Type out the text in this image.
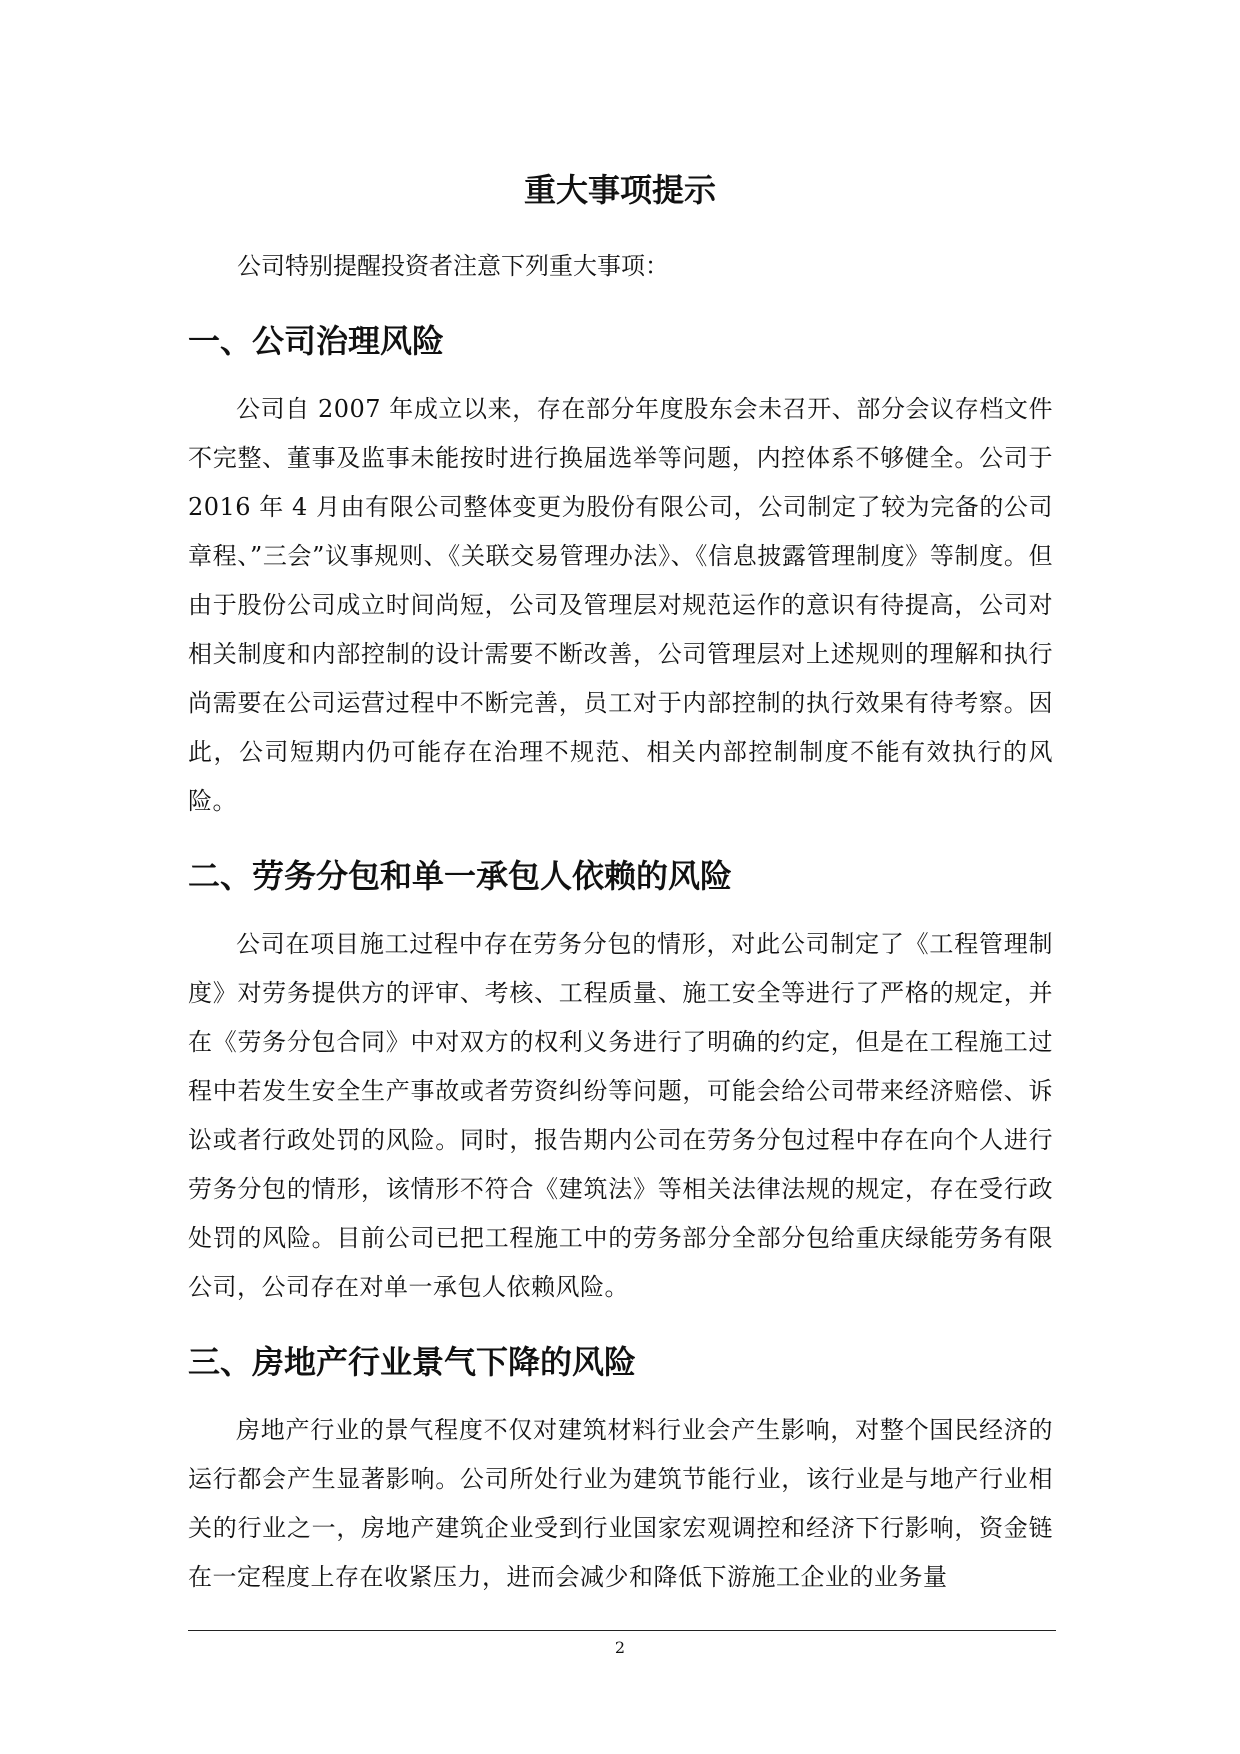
重大事项提示

公司特别提醒投资者注意下列重大事项：

一、公司治理风险

公司自 2007 年成立以来，存在部分年度股东会未召开、部分会议存档文件不完整、董事及监事未能按时进行换届选举等问题，内控体系不够健全。公司于 2016 年 4 月由有限公司整体变更为股份有限公司，公司制定了较为完备的公司章程、”三会”议事规则、《关联交易管理办法》、《信息披露管理制度》等制度。但由于股份公司成立时间尚短，公司及管理层对规范运作的意识有待提高，公司对相关制度和内部控制的设计需要不断改善，公司管理层对上述规则的理解和执行尚需要在公司运营过程中不断完善，员工对于内部控制的执行效果有待考察。因此，公司短期内仍可能存在治理不规范、相关内部控制制度不能有效执行的风险。

二、劳务分包和单一承包人依赖的风险

公司在项目施工过程中存在劳务分包的情形，对此公司制定了《工程管理制度》对劳务提供方的评审、考核、工程质量、施工安全等进行了严格的规定，并在《劳务分包合同》中对双方的权利义务进行了明确的约定，但是在工程施工过程中若发生安全生产事故或者劳资纠纷等问题，可能会给公司带来经济赔偿、诉讼或者行政处罚的风险。同时，报告期内公司在劳务分包过程中存在向个人进行劳务分包的情形，该情形不符合《建筑法》等相关法律法规的规定，存在受行政处罚的风险。目前公司已把工程施工中的劳务部分全部分包给重庆绿能劳务有限公司，公司存在对单一承包人依赖风险。

三、房地产行业景气下降的风险

房地产行业的景气程度不仅对建筑材料行业会产生影响，对整个国民经济的运行都会产生显著影响。公司所处行业为建筑节能行业，该行业是与地产行业相关的行业之一，房地产建筑企业受到行业国家宏观调控和经济下行影响，资金链在一定程度上存在收紧压力，进而会减少和降低下游施工企业的业务量

2
